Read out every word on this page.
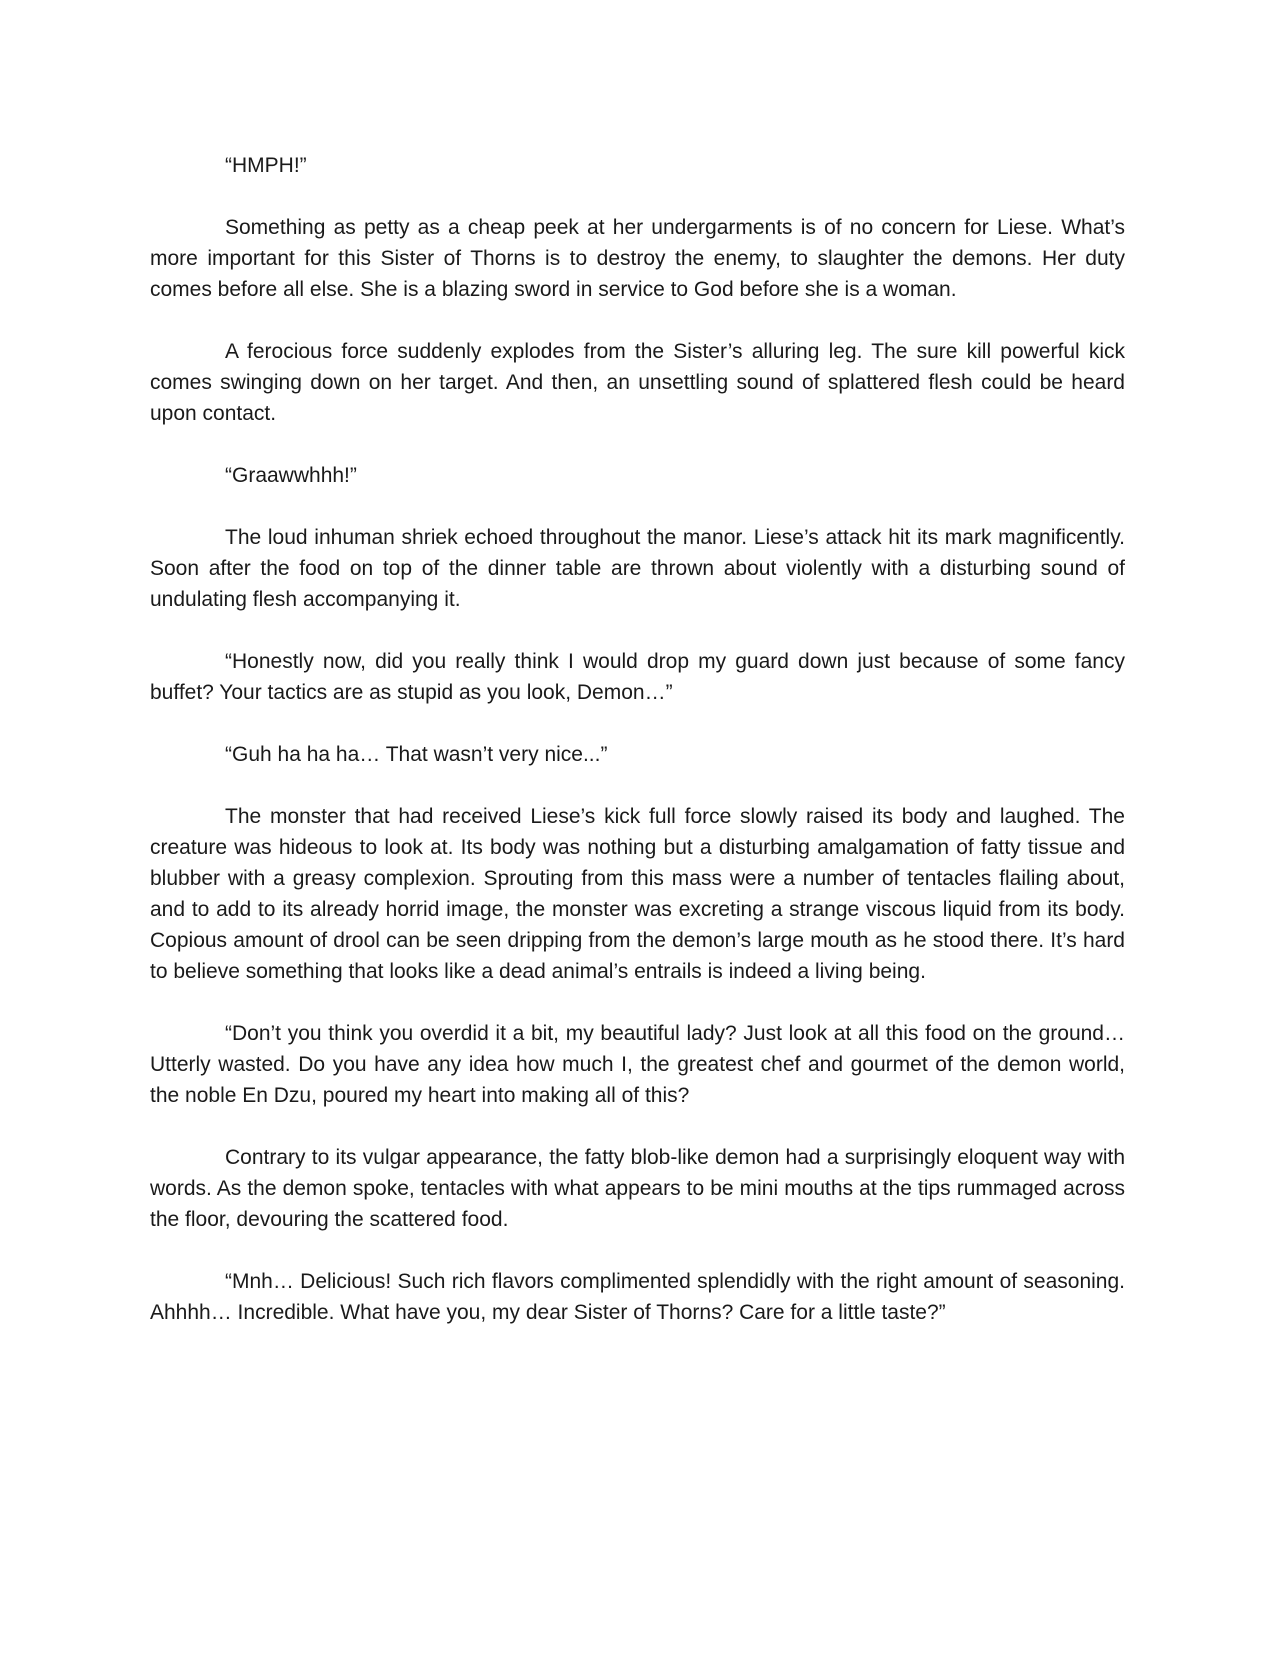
“HMPH!”

Something as petty as a cheap peek at her undergarments is of no concern for Liese. What’s more important for this Sister of Thorns is to destroy the enemy, to slaughter the demons. Her duty comes before all else. She is a blazing sword in service to God before she is a woman.

A ferocious force suddenly explodes from the Sister’s alluring leg. The sure kill powerful kick comes swinging down on her target. And then, an unsettling sound of splattered flesh could be heard upon contact.

“Graawwhhh!”

The loud inhuman shriek echoed throughout the manor. Liese’s attack hit its mark magnificently. Soon after the food on top of the dinner table are thrown about violently with a disturbing sound of undulating flesh accompanying it.

“Honestly now, did you really think I would drop my guard down just because of some fancy buffet? Your tactics are as stupid as you look, Demon…”

“Guh ha ha ha… That wasn’t very nice...”

The monster that had received Liese’s kick full force slowly raised its body and laughed. The creature was hideous to look at. Its body was nothing but a disturbing amalgamation of fatty tissue and blubber with a greasy complexion. Sprouting from this mass were a number of tentacles flailing about, and to add to its already horrid image, the monster was excreting a strange viscous liquid from its body. Copious amount of drool can be seen dripping from the demon’s large mouth as he stood there. It’s hard to believe something that looks like a dead animal’s entrails is indeed a living being.

“Don’t you think you overdid it a bit, my beautiful lady? Just look at all this food on the ground… Utterly wasted. Do you have any idea how much I, the greatest chef and gourmet of the demon world, the noble En Dzu, poured my heart into making all of this?

Contrary to its vulgar appearance, the fatty blob-like demon had a surprisingly eloquent way with words. As the demon spoke, tentacles with what appears to be mini mouths at the tips rummaged across the floor, devouring the scattered food.

“Mnh… Delicious! Such rich flavors complimented splendidly with the right amount of seasoning. Ahhhh… Incredible. What have you, my dear Sister of Thorns? Care for a little taste?”
